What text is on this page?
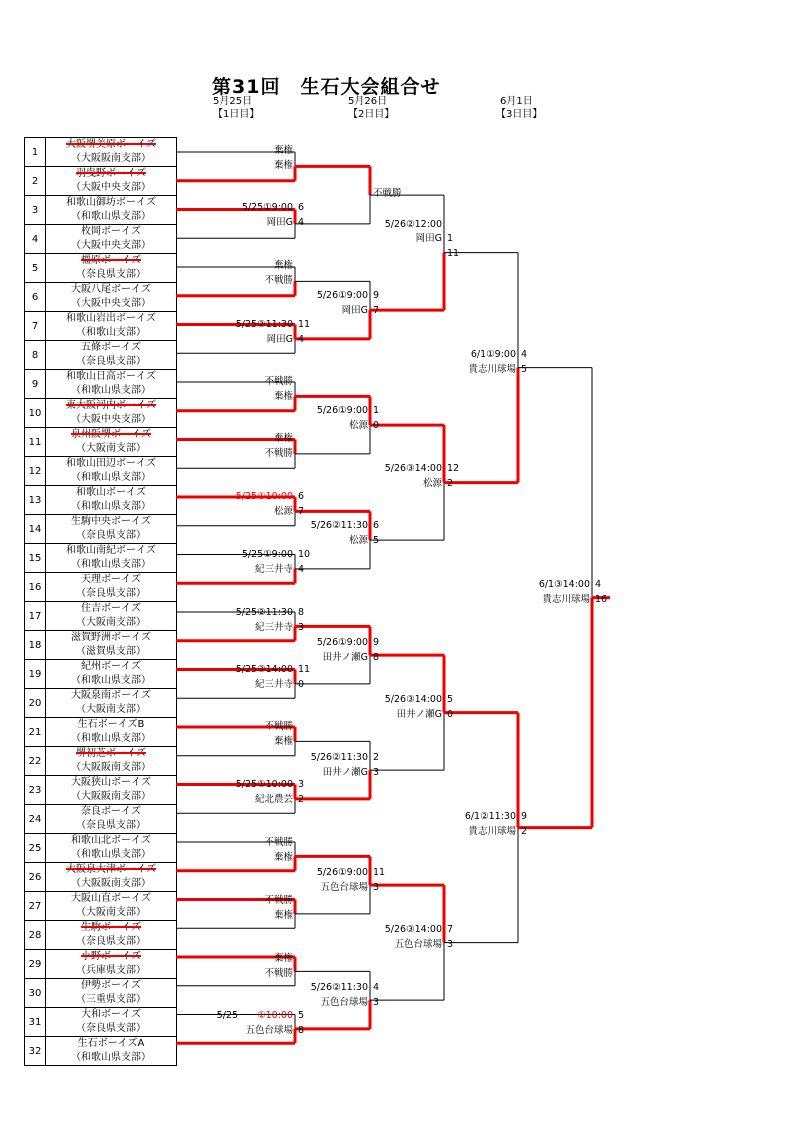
第31回　生石大会組合せ
5月25日
【1日目】
5月26日
【2日目】
6月1日
【3日目】
1	大阪堺美原ボーイズ
（大阪阪南支部）

2	羽曳野ボーイズ
（大阪中央支部）

3	和歌山御坊ボーイズ
（和歌山県支部）

4	枚岡ボーイズ
（大阪中央支部）

5	橿原ボーイズ
（奈良県支部）

6	大阪八尾ボーイズ
（大阪中央支部）

7	和歌山岩出ボーイズ
（和歌山支部）

8	五條ボーイズ
（奈良県支部）

9	和歌山日高ボーイズ
（和歌山県支部）

10	東大阪河内ボーイズ
（大阪中央支部）

11	泉州阪堺ボーイズ
（大阪南支部）

12	和歌山田辺ボーイズ
（和歌山県支部）

13	和歌山ボーイズ
（和歌山県支部）

14	生駒中央ボーイズ
（奈良県支部）

15	和歌山南紀ボーイズ
（和歌山県支部）

16	天理ボーイズ
（奈良県支部）

17	住吉ボーイズ
（大阪南支部）

18	滋賀野洲ボーイズ
（滋賀県支部）

19	紀州ボーイズ
（和歌山県支部）

20	大阪泉南ボーイズ
（大阪南支部）

21	生石ボーイズB
（和歌山県支部）

22	堺初芝ボーイズ
（大阪阪南支部）

23	大阪狭山ボーイズ
（大阪阪南支部）

24	奈良ボーイズ
（奈良県支部）

25	和歌山北ボーイズ
（和歌山県支部）

26	大阪泉大津ボーイズ
（大阪阪南支部）

27	大阪山直ボーイズ
（大阪南支部）

28	生駒ボーイズ
（奈良県支部）

29	小野ボーイズ
（兵庫県支部）

30	伊勢ボーイズ
（三重県支部）

31	大和ボーイズ
（奈良県支部）

32	生石ボーイズA
（和歌山県支部）
棄権
棄権
5/25①9:00 6
岡田G 4
棄権
不戦勝
5/25②11:30 11
岡田G 4
不戦勝
棄権
棄権
不戦勝
5/25①10:00 6
松源 7
5/25①9:00 10
紀三井寺 4
5/25②11:30 8
紀三井寺 3
5/25③14:00 11
紀三井寺 0
不戦勝
棄権
5/25①10:00 3
紀北農芸 2
不戦勝
棄権
不戦勝
棄権
棄権
不戦勝
5/25 ①10:00 5
五色台球場 8
不戦勝
5/26②12:00
岡田G 1
11
5/26①9:00 9
岡田G 7
5/26①9:00 1
松源 0
5/26③14:00 12
松源 2
5/26②11:30 6
松源 5
5/26①9:00 9
田井ノ瀬G 8
5/26③14:00 5
田井ノ瀬G 0
5/26②11:30 2
田井ノ瀬G 3
5/26①9:00 11
五色台球場 3
5/26③14:00 7
五色台球場 3
5/26②11:30 4
五色台球場 3
6/1①9:00 4
貴志川球場 5
6/1②11:30 9
貴志川球場 2
6/1③14:00 4
貴志川球場 16
